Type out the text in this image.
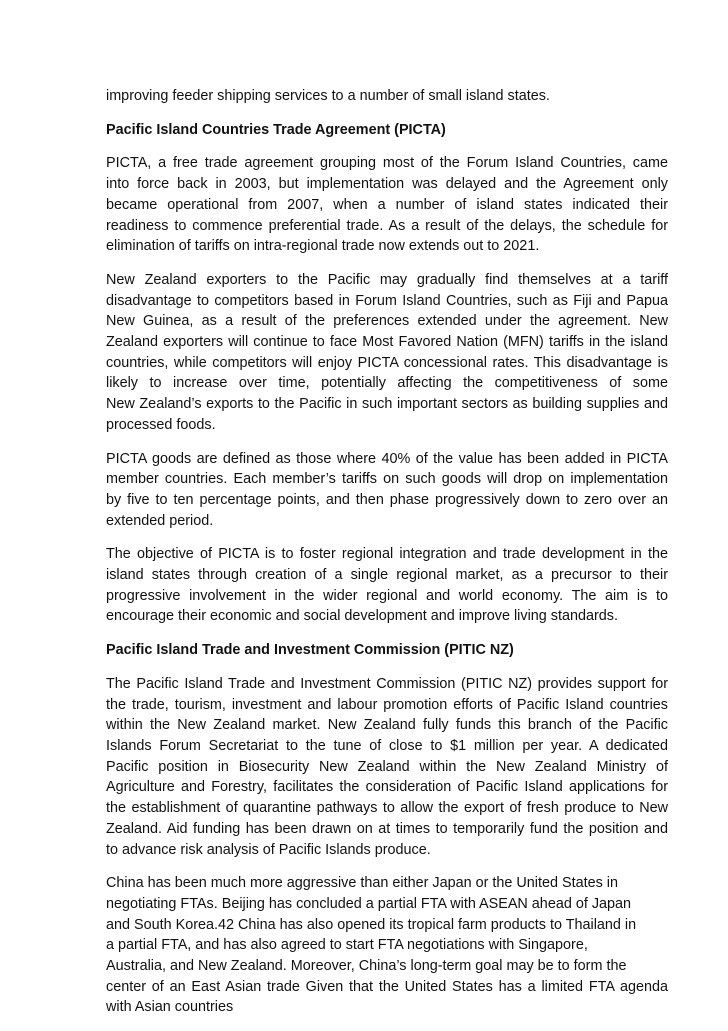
improving feeder shipping services to a number of small island states.

Pacific Island Countries Trade Agreement (PICTA)

PICTA, a free trade agreement grouping most of the Forum Island Countries, came
into force back in 2003, but implementation was delayed and the Agreement only
became operational from 2007, when a number of island states indicated their
readiness to commence preferential trade. As a result of the delays, the schedule for
elimination of tariffs on intra-regional trade now extends out to 2021.

New Zealand exporters to the Pacific may gradually find themselves at a tariff
disadvantage to competitors based in Forum Island Countries, such as Fiji and Papua
New Guinea, as a result of the preferences extended under the agreement. New
Zealand exporters will continue to face Most Favored Nation (MFN) tariffs in the island
countries, while competitors will enjoy PICTA concessional rates. This disadvantage is
likely to increase over time, potentially affecting the competitiveness of some
New Zealand’s exports to the Pacific in such important sectors as building supplies and
processed foods.

PICTA goods are defined as those where 40% of the value has been added in PICTA
member countries. Each member’s tariffs on such goods will drop on implementation
by five to ten percentage points, and then phase progressively down to zero over an
extended period.

The objective of PICTA is to foster regional integration and trade development in the
island states through creation of a single regional market, as a precursor to their
progressive involvement in the wider regional and world economy. The aim is to
encourage their economic and social development and improve living standards.

Pacific Island Trade and Investment Commission (PITIC NZ)

The Pacific Island Trade and Investment Commission (PITIC NZ) provides support for
the trade, tourism, investment and labour promotion efforts of Pacific Island countries
within the New Zealand market. New Zealand fully funds this branch of the Pacific
Islands Forum Secretariat to the tune of close to $1 million per year. A dedicated
Pacific position in Biosecurity New Zealand within the New Zealand Ministry of
Agriculture and Forestry, facilitates the consideration of Pacific Island applications for
the establishment of quarantine pathways to allow the export of fresh produce to New
Zealand. Aid funding has been drawn on at times to temporarily fund the position and
to advance risk analysis of Pacific Islands produce.

China has been much more aggressive than either Japan or the United States in
negotiating FTAs. Beijing has concluded a partial FTA with ASEAN ahead of Japan
and South Korea.42 China has also opened its tropical farm products to Thailand in
a partial FTA, and has also agreed to start FTA negotiations with Singapore,
Australia, and New Zealand. Moreover, China’s long-term goal may be to form the
center of an East Asian trade Given that the United States has a limited FTA agenda
with Asian countries
